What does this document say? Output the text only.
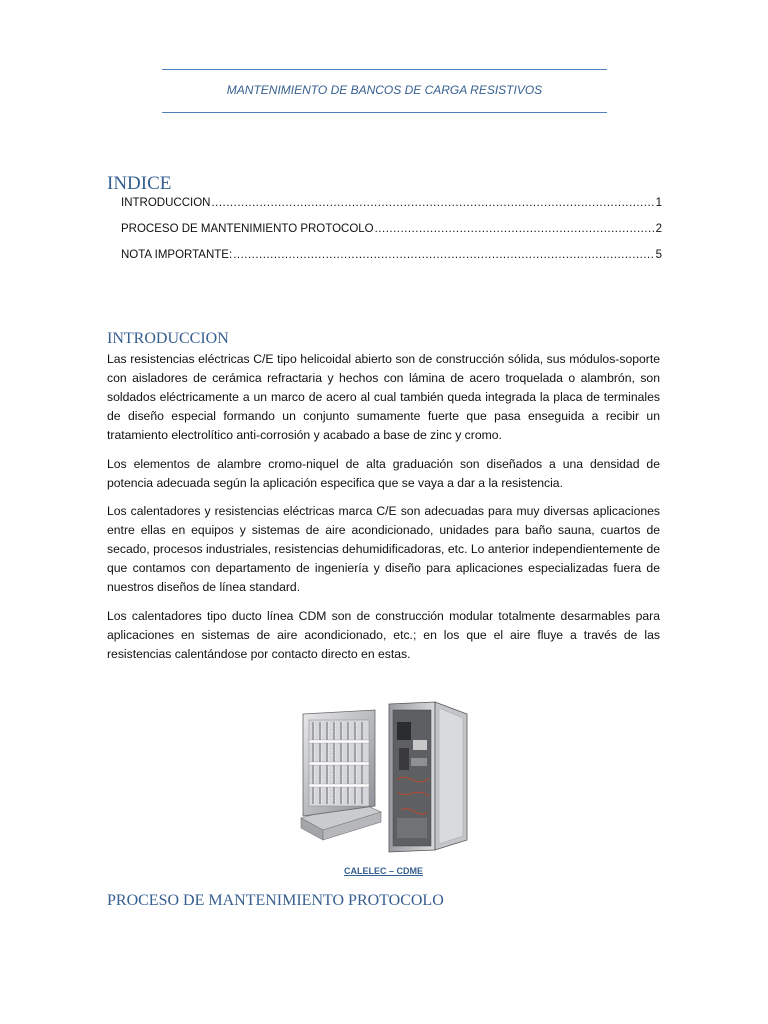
MANTENIMIENTO DE BANCOS DE CARGA RESISTIVOS
INDICE
INTRODUCCION .....	1
PROCESO DE MANTENIMIENTO PROTOCOLO .....	2
NOTA IMPORTANTE: .....	5
INTRODUCCION

Las resistencias eléctricas C/E tipo helicoidal abierto son de construcción sólida, sus módulos-soporte con aisladores de cerámica refractaria y hechos con lámina de acero troquelada o alambrón, son soldados eléctricamente a un marco de acero al cual también queda integrada la placa de terminales de diseño especial formando un conjunto sumamente fuerte que pasa enseguida a recibir un tratamiento electrolítico anti-corrosión y acabado a base de zinc y cromo.

Los elementos de alambre cromo-niquel de alta graduación son diseñados a una densidad de potencia adecuada según la aplicación especifica que se vaya a dar a la resistencia.

Los calentadores y resistencias eléctricas marca C/E son adecuadas para muy diversas aplicaciones entre ellas en equipos y sistemas de aire acondicionado, unidades para baño sauna, cuartos de secado, procesos industriales, resistencias dehumidificadoras, etc. Lo anterior independientemente de que contamos con departamento de ingeniería y diseño para aplicaciones especializadas fuera de nuestros diseños de línea standard.

Los calentadores tipo ducto línea CDM son de construcción modular totalmente desarmables para aplicaciones en sistemas de aire acondicionado, etc.; en los que el aire fluye a través de las resistencias calentándose por contacto directo en estas.

CALELEC – CDME
PROCESO DE MANTENIMIENTO PROTOCOLO
